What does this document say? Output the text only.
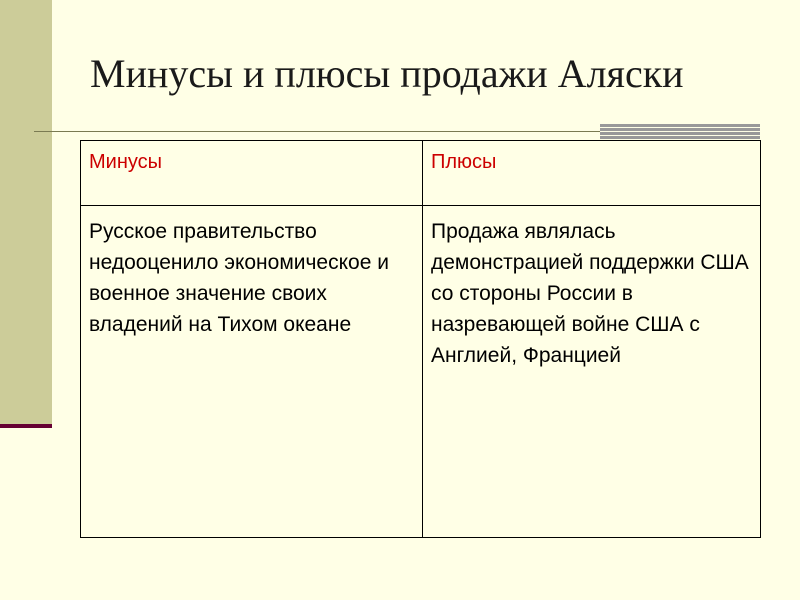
Минусы и плюсы продажи Аляски
Минусы	Плюсы
Русское правительство недооценило экономическое и военное значение своих владений на Тихом океане	Продажа являлась демонстрацией поддержки США со стороны России в назревающей войне США с Англией, Францией
